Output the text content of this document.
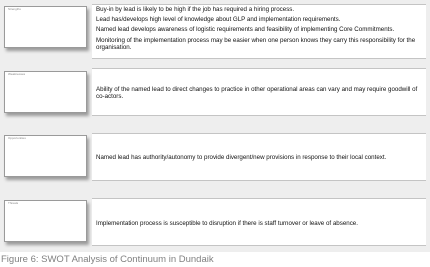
Strengths	Buy-in by lead is likely to be high if the job has required a hiring process.

Lead has/develops high level of knowledge about GLP and implementation requirements.

Named lead develops awareness of logistic requirements and feasibility of implementing Core Commitments.

Monitoring of the implementation process may be easier when one person knows they carry this responsibility for the organisation.

Weaknesses

Ability of the named lead to direct changes to practice in other operational areas can vary and may require goodwill of co-actors.

Opportunities

Named lead has authority/autonomy to provide divergent/new provisions in response to their local context.

Threats

Implementation process is susceptible to disruption if there is staff turnover or leave of absence.

Figure 6: SWOT Analysis of Continuum in Dundaik
